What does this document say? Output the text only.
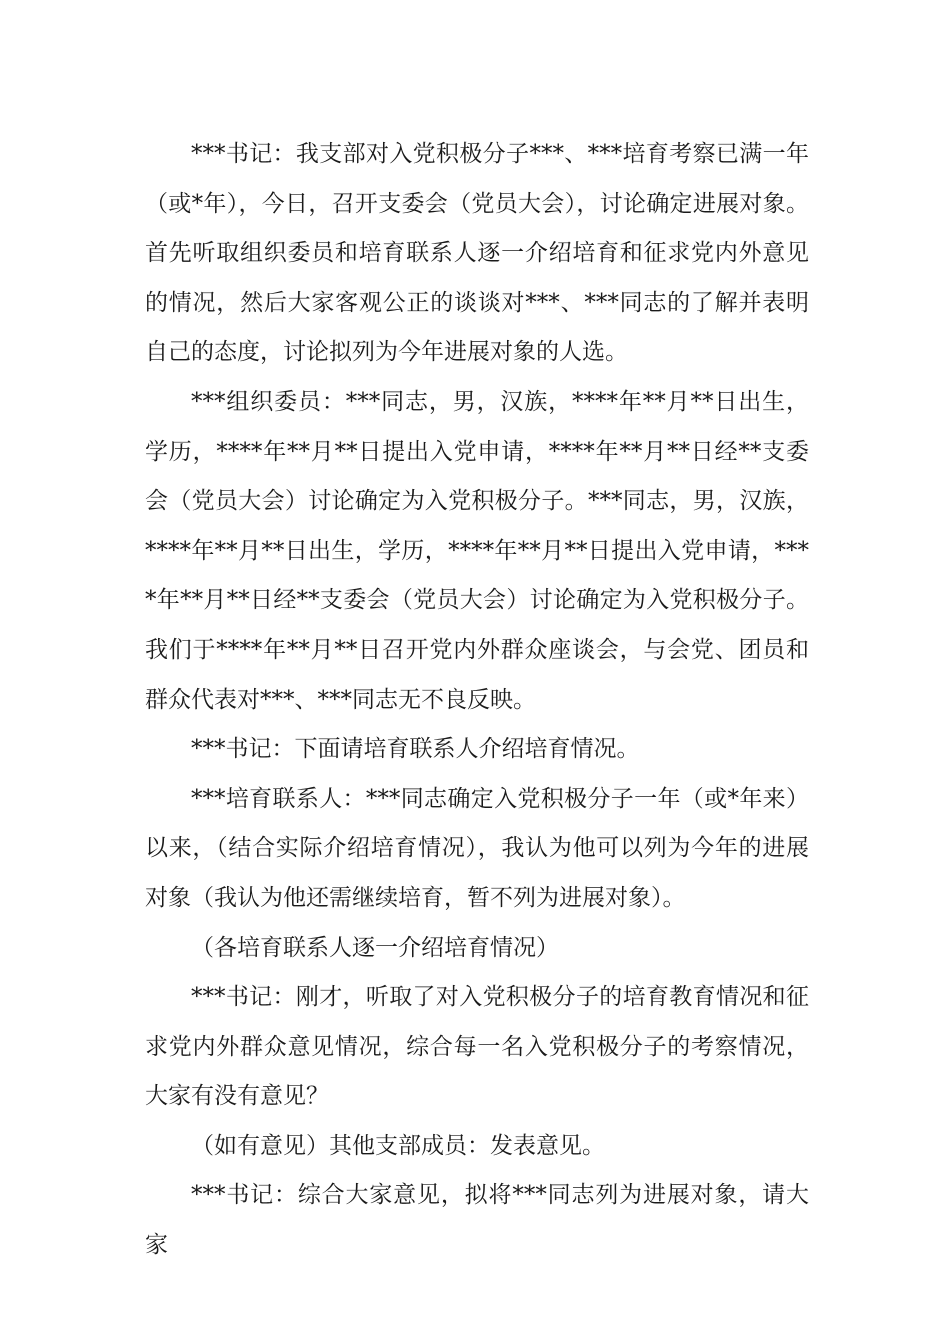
***书记：我支部对入党积极分子***、***培育考察已满一年（或*年），今日，召开支委会（党员大会），讨论确定进展对象。首先听取组织委员和培育联系人逐一介绍培育和征求党内外意见的情况，然后大家客观公正的谈谈对***、***同志的了解并表明自己的态度，讨论拟列为今年进展对象的人选。

***组织委员：***同志，男，汉族，****年**月**日出生，学历，****年**月**日提出入党申请，****年**月**日经**支委会（党员大会）讨论确定为入党积极分子。***同志，男，汉族，****年**月**日出生，学历，****年**月**日提出入党申请，****年**月**日经**支委会（党员大会）讨论确定为入党积极分子。我们于****年**月**日召开党内外群众座谈会，与会党、团员和群众代表对***、***同志无不良反映。

***书记：下面请培育联系人介绍培育情况。

***培育联系人：***同志确定入党积极分子一年（或*年来）以来，（结合实际介绍培育情况），我认为他可以列为今年的进展对象（我认为他还需继续培育，暂不列为进展对象）。

（各培育联系人逐一介绍培育情况）

***书记：刚才，听取了对入党积极分子的培育教育情况和征求党内外群众意见情况，综合每一名入党积极分子的考察情况，大家有没有意见？

（如有意见）其他支部成员：发表意见。

***书记：综合大家意见，拟将***同志列为进展对象，请大家
